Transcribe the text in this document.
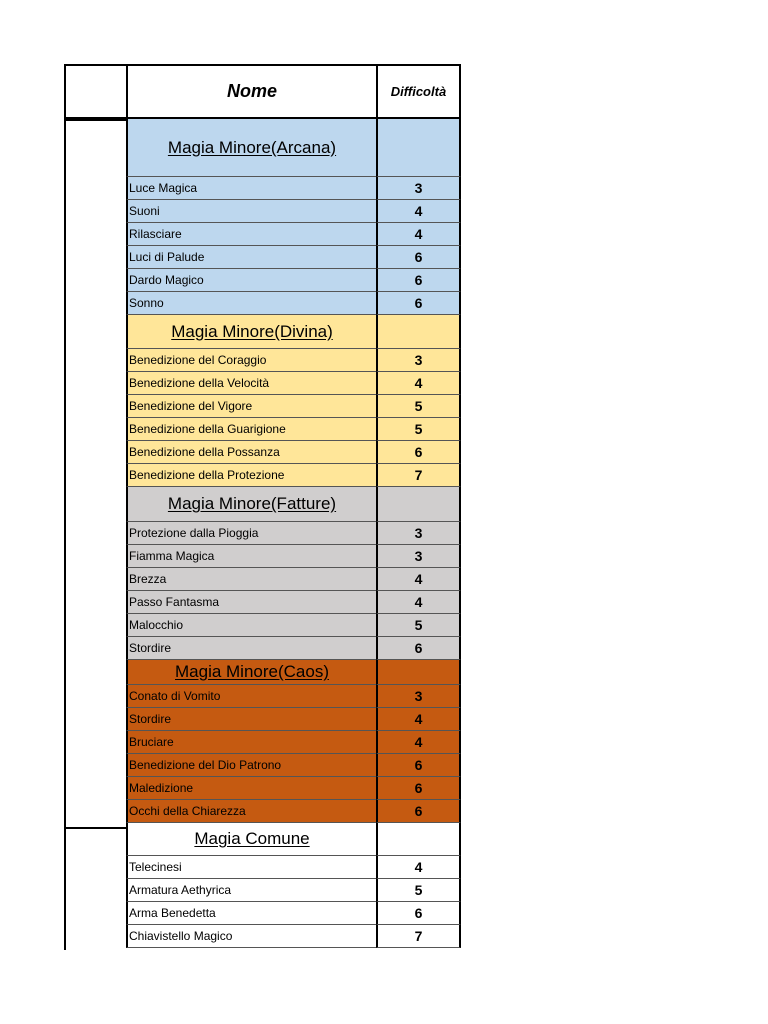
Nome	Difficoltà
Magia Minore(Arcana)
Luce Magica	3
Suoni	4
Rilasciare	4
Luci di Palude	6
Dardo Magico	6
Sonno	6
Magia Minore(Divina)
Benedizione del Coraggio	3
Benedizione della Velocità	4
Benedizione del Vigore	5
Benedizione della Guarigione	5
Benedizione della Possanza	6
Benedizione della Protezione	7
Magia Minore(Fatture)
Protezione dalla Pioggia	3
Fiamma Magica	3
Brezza	4
Passo Fantasma	4
Malocchio	5
Stordire	6
Magia Minore(Caos)
Conato di Vomito	3
Stordire	4
Bruciare	4
Benedizione del Dio Patrono	6
Maledizione	6
Occhi della Chiarezza	6
Magia Comune
Telecinesi	4
Armatura Aethyrica	5
Arma Benedetta	6
Chiavistello Magico	7
